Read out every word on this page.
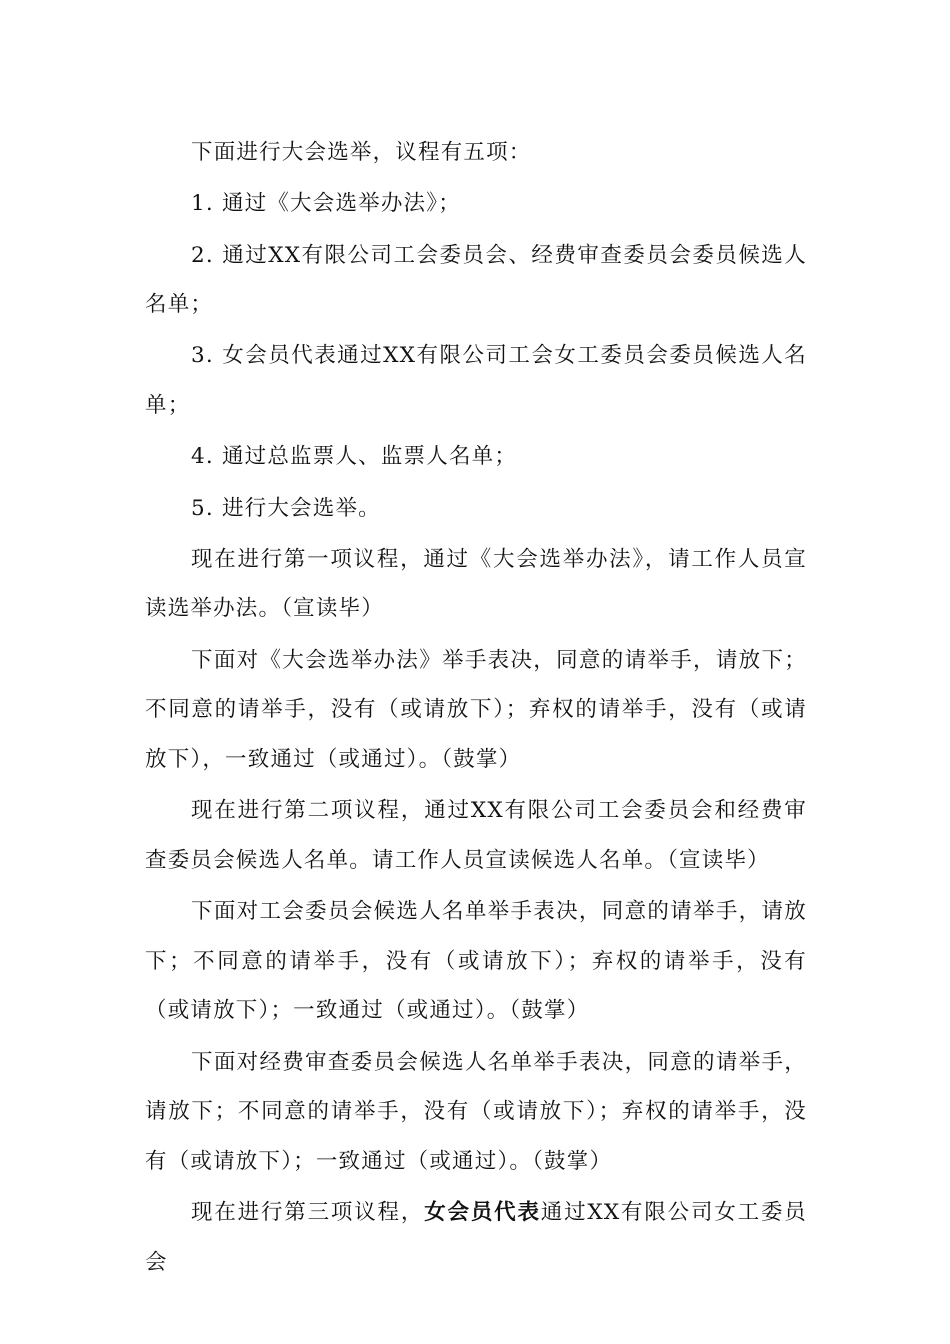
下面进行大会选举，议程有五项：

1. 通过《大会选举办法》；

2. 通过XX有限公司工会委员会、经费审查委员会委员候选人名单；

3. 女会员代表通过XX有限公司工会女工委员会委员候选人名单；

4. 通过总监票人、监票人名单；

5. 进行大会选举。

现在进行第一项议程，通过《大会选举办法》，请工作人员宣读选举办法。（宣读毕）

下面对《大会选举办法》举手表决，同意的请举手，请放下；不同意的请举手，没有（或请放下）；弃权的请举手，没有（或请放下），一致通过（或通过）。（鼓掌）

现在进行第二项议程，通过XX有限公司工会委员会和经费审查委员会候选人名单。请工作人员宣读候选人名单。（宣读毕）

下面对工会委员会候选人名单举手表决，同意的请举手，请放下；不同意的请举手，没有（或请放下）；弃权的请举手，没有（或请放下）；一致通过（或通过）。（鼓掌）

下面对经费审查委员会候选人名单举手表决，同意的请举手，请放下；不同意的请举手，没有（或请放下）；弃权的请举手，没有（或请放下）；一致通过（或通过）。（鼓掌）

现在进行第三项议程，女会员代表通过XX有限公司女工委员会
